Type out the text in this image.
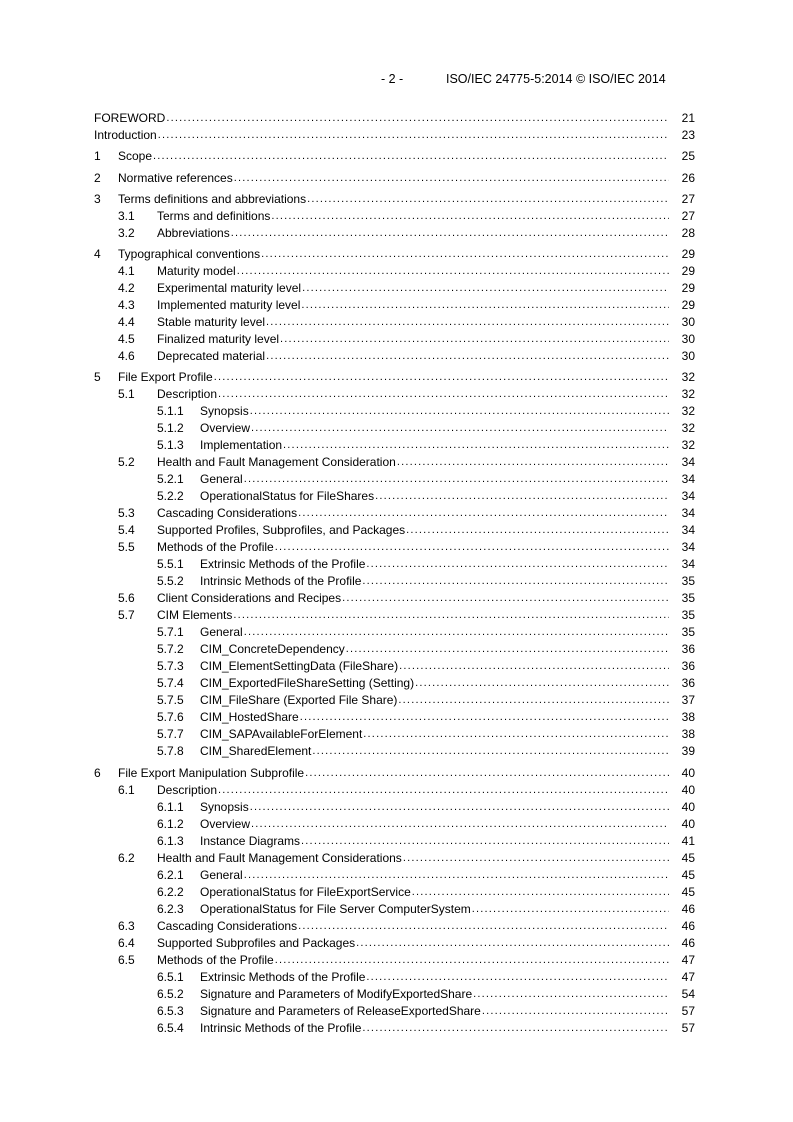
- 2 -	ISO/IEC 24775-5:2014 © ISO/IEC 2014
FOREWORD .....	21
Introduction .....	23
1 Scope .....	25
2 Normative references .....	26
3 Terms definitions and abbreviations .....	27
3.1 Terms and definitions .....	27
3.2 Abbreviations .....	28
4 Typographical conventions .....	29
4.1 Maturity model .....	29
4.2 Experimental maturity level .....	29
4.3 Implemented maturity level .....	29
4.4 Stable maturity level .....	30
4.5 Finalized maturity level .....	30
4.6 Deprecated material .....	30
5 File Export Profile .....	32
5.1 Description .....	32
5.1.1 Synopsis .....	32
5.1.2 Overview .....	32
5.1.3 Implementation .....	32
5.2 Health and Fault Management Consideration .....	34
5.2.1 General .....	34
5.2.2 OperationalStatus for FileShares .....	34
5.3 Cascading Considerations .....	34
5.4 Supported Profiles, Subprofiles, and Packages .....	34
5.5 Methods of the Profile .....	34
5.5.1 Extrinsic Methods of the Profile .....	34
5.5.2 Intrinsic Methods of the Profile .....	35
5.6 Client Considerations and Recipes .....	35
5.7 CIM Elements .....	35
5.7.1 General .....	35
5.7.2 CIM_ConcreteDependency .....	36
5.7.3 CIM_ElementSettingData (FileShare) .....	36
5.7.4 CIM_ExportedFileShareSetting (Setting) .....	36
5.7.5 CIM_FileShare (Exported File Share) .....	37
5.7.6 CIM_HostedShare .....	38
5.7.7 CIM_SAPAvailableForElement .....	38
5.7.8 CIM_SharedElement .....	39
6 File Export Manipulation Subprofile .....	40
6.1 Description .....	40
6.1.1 Synopsis .....	40
6.1.2 Overview .....	40
6.1.3 Instance Diagrams .....	41
6.2 Health and Fault Management Considerations .....	45
6.2.1 General .....	45
6.2.2 OperationalStatus for FileExportService .....	45
6.2.3 OperationalStatus for File Server ComputerSystem .....	46
6.3 Cascading Considerations .....	46
6.4 Supported Subprofiles and Packages .....	46
6.5 Methods of the Profile .....	47
6.5.1 Extrinsic Methods of the Profile .....	47
6.5.2 Signature and Parameters of ModifyExportedShare .....	54
6.5.3 Signature and Parameters of ReleaseExportedShare .....	57
6.5.4 Intrinsic Methods of the Profile .....	57
